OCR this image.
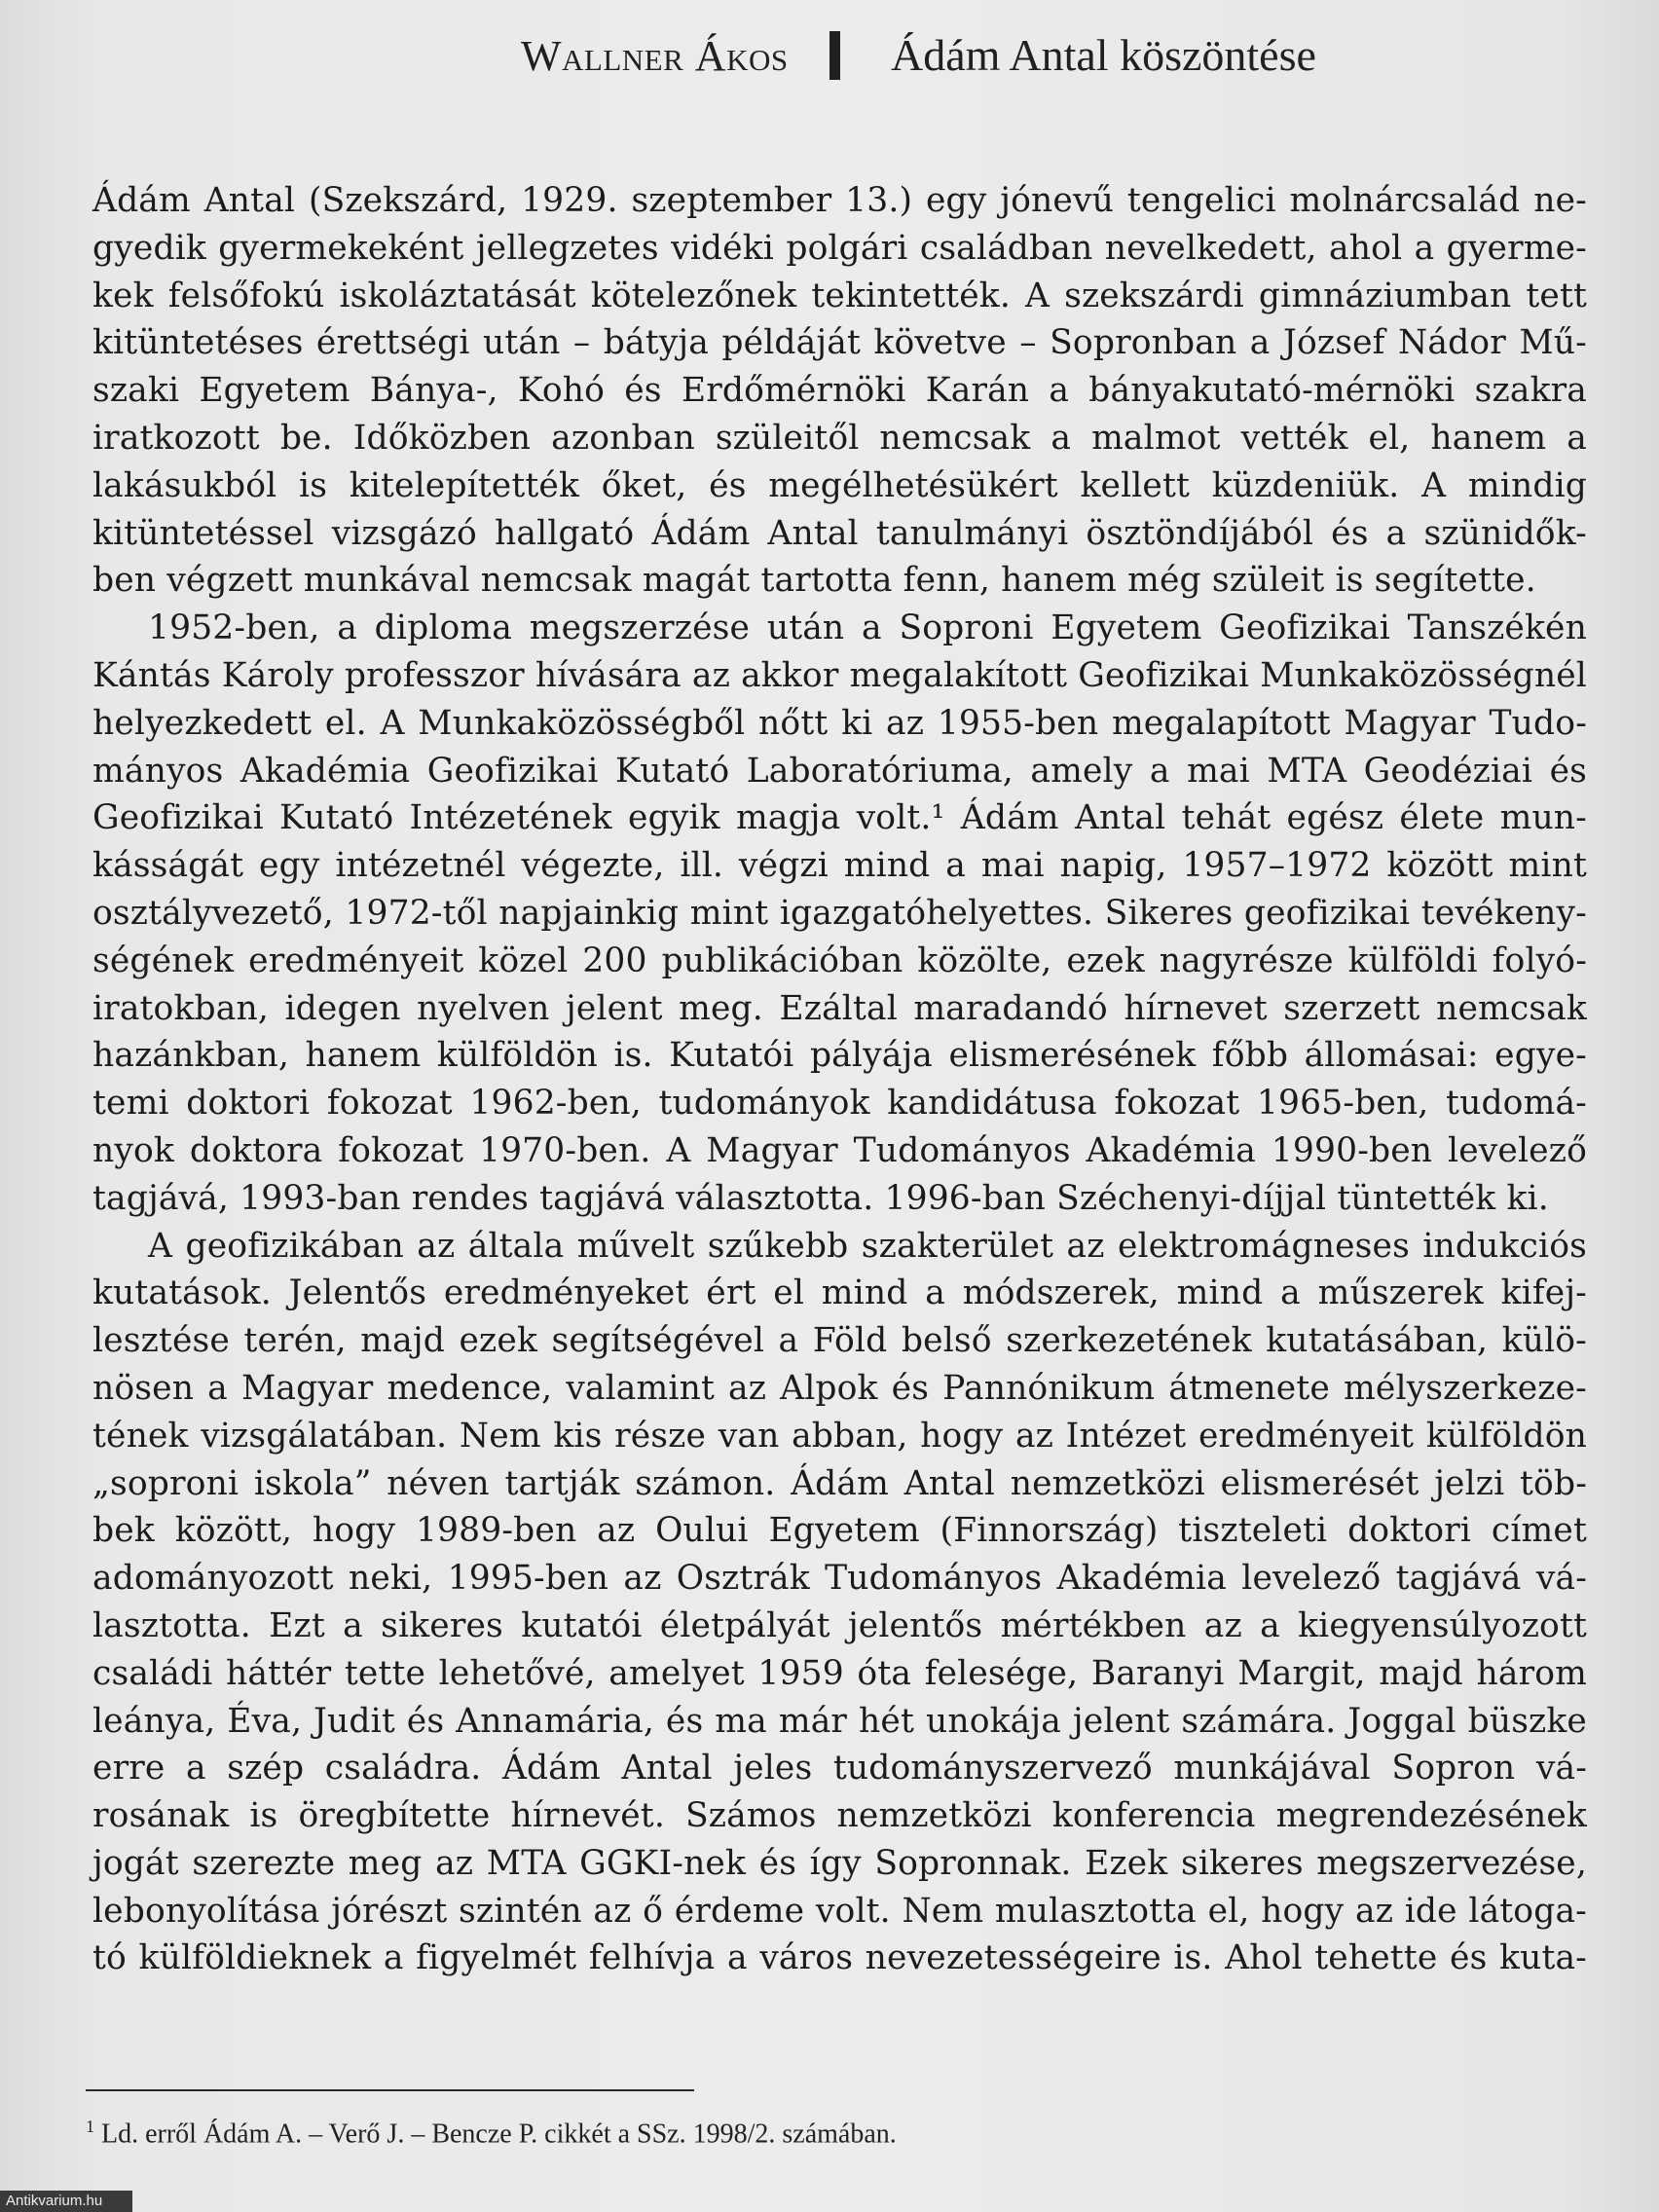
Wallner Ákos Ádám Antal köszöntése
Ádám Antal (Szekszárd, 1929. szeptember 13.) egy jónevű tengelici molnárcsalád ne-
gyedik gyermekeként jellegzetes vidéki polgári családban nevelkedett, ahol a gyerme-
kek felsőfokú iskoláztatását kötelezőnek tekintették. A szekszárdi gimnáziumban tett
kitüntetéses érettségi után – bátyja példáját követve – Sopronban a József Nádor Mű-
szaki Egyetem Bánya-, Kohó és Erdőmérnöki Karán a bányakutató-mérnöki szakra
iratkozott be. Időközben azonban szüleitől nemcsak a malmot vették el, hanem a
lakásukból is kitelepítették őket, és megélhetésükért kellett küzdeniük. A mindig
kitüntetéssel vizsgázó hallgató Ádám Antal tanulmányi ösztöndíjából és a szünidők-
ben végzett munkával nemcsak magát tartotta fenn, hanem még szüleit is segítette.
1952-ben, a diploma megszerzése után a Soproni Egyetem Geofizikai Tanszékén
Kántás Károly professzor hívására az akkor megalakított Geofizikai Munkaközösségnél
helyezkedett el. A Munkaközösségből nőtt ki az 1955-ben megalapított Magyar Tudo-
mányos Akadémia Geofizikai Kutató Laboratóriuma, amely a mai MTA Geodéziai és
Geofizikai Kutató Intézetének egyik magja volt.¹ Ádám Antal tehát egész élete mun-
kásságát egy intézetnél végezte, ill. végzi mind a mai napig, 1957–1972 között mint
osztályvezető, 1972-től napjainkig mint igazgatóhelyettes. Sikeres geofizikai tevékeny-
ségének eredményeit közel 200 publikációban közölte, ezek nagyrésze külföldi folyó-
iratokban, idegen nyelven jelent meg. Ezáltal maradandó hírnevet szerzett nemcsak
hazánkban, hanem külföldön is. Kutatói pályája elismerésének főbb állomásai: egye-
temi doktori fokozat 1962-ben, tudományok kandidátusa fokozat 1965-ben, tudomá-
nyok doktora fokozat 1970-ben. A Magyar Tudományos Akadémia 1990-ben levelező
tagjává, 1993-ban rendes tagjává választotta. 1996-ban Széchenyi-díjjal tüntették ki.
A geofizikában az általa művelt szűkebb szakterület az elektromágneses indukciós
kutatások. Jelentős eredményeket ért el mind a módszerek, mind a műszerek kifej-
lesztése terén, majd ezek segítségével a Föld belső szerkezetének kutatásában, külö-
nösen a Magyar medence, valamint az Alpok és Pannónikum átmenete mélyszerkeze-
tének vizsgálatában. Nem kis része van abban, hogy az Intézet eredményeit külföldön
„soproni iskola” néven tartják számon. Ádám Antal nemzetközi elismerését jelzi töb-
bek között, hogy 1989-ben az Oului Egyetem (Finnország) tiszteleti doktori címet
adományozott neki, 1995-ben az Osztrák Tudományos Akadémia levelező tagjává vá-
lasztotta. Ezt a sikeres kutatói életpályát jelentős mértékben az a kiegyensúlyozott
családi háttér tette lehetővé, amelyet 1959 óta felesége, Baranyi Margit, majd három
leánya, Éva, Judit és Annamária, és ma már hét unokája jelent számára. Joggal büszke
erre a szép családra. Ádám Antal jeles tudományszervező munkájával Sopron vá-
rosának is öregbítette hírnevét. Számos nemzetközi konferencia megrendezésének
jogát szerezte meg az MTA GGKI-nek és így Sopronnak. Ezek sikeres megszervezése,
lebonyolítása jórészt szintén az ő érdeme volt. Nem mulasztotta el, hogy az ide látoga-
tó külföldieknek a figyelmét felhívja a város nevezetességeire is. Ahol tehette és kuta-
$^1$ Ld. erről Ádám A. – Verő J. – Bencze P. cikkét a SSz. 1998/2. számában.
Antikvarium.hu
